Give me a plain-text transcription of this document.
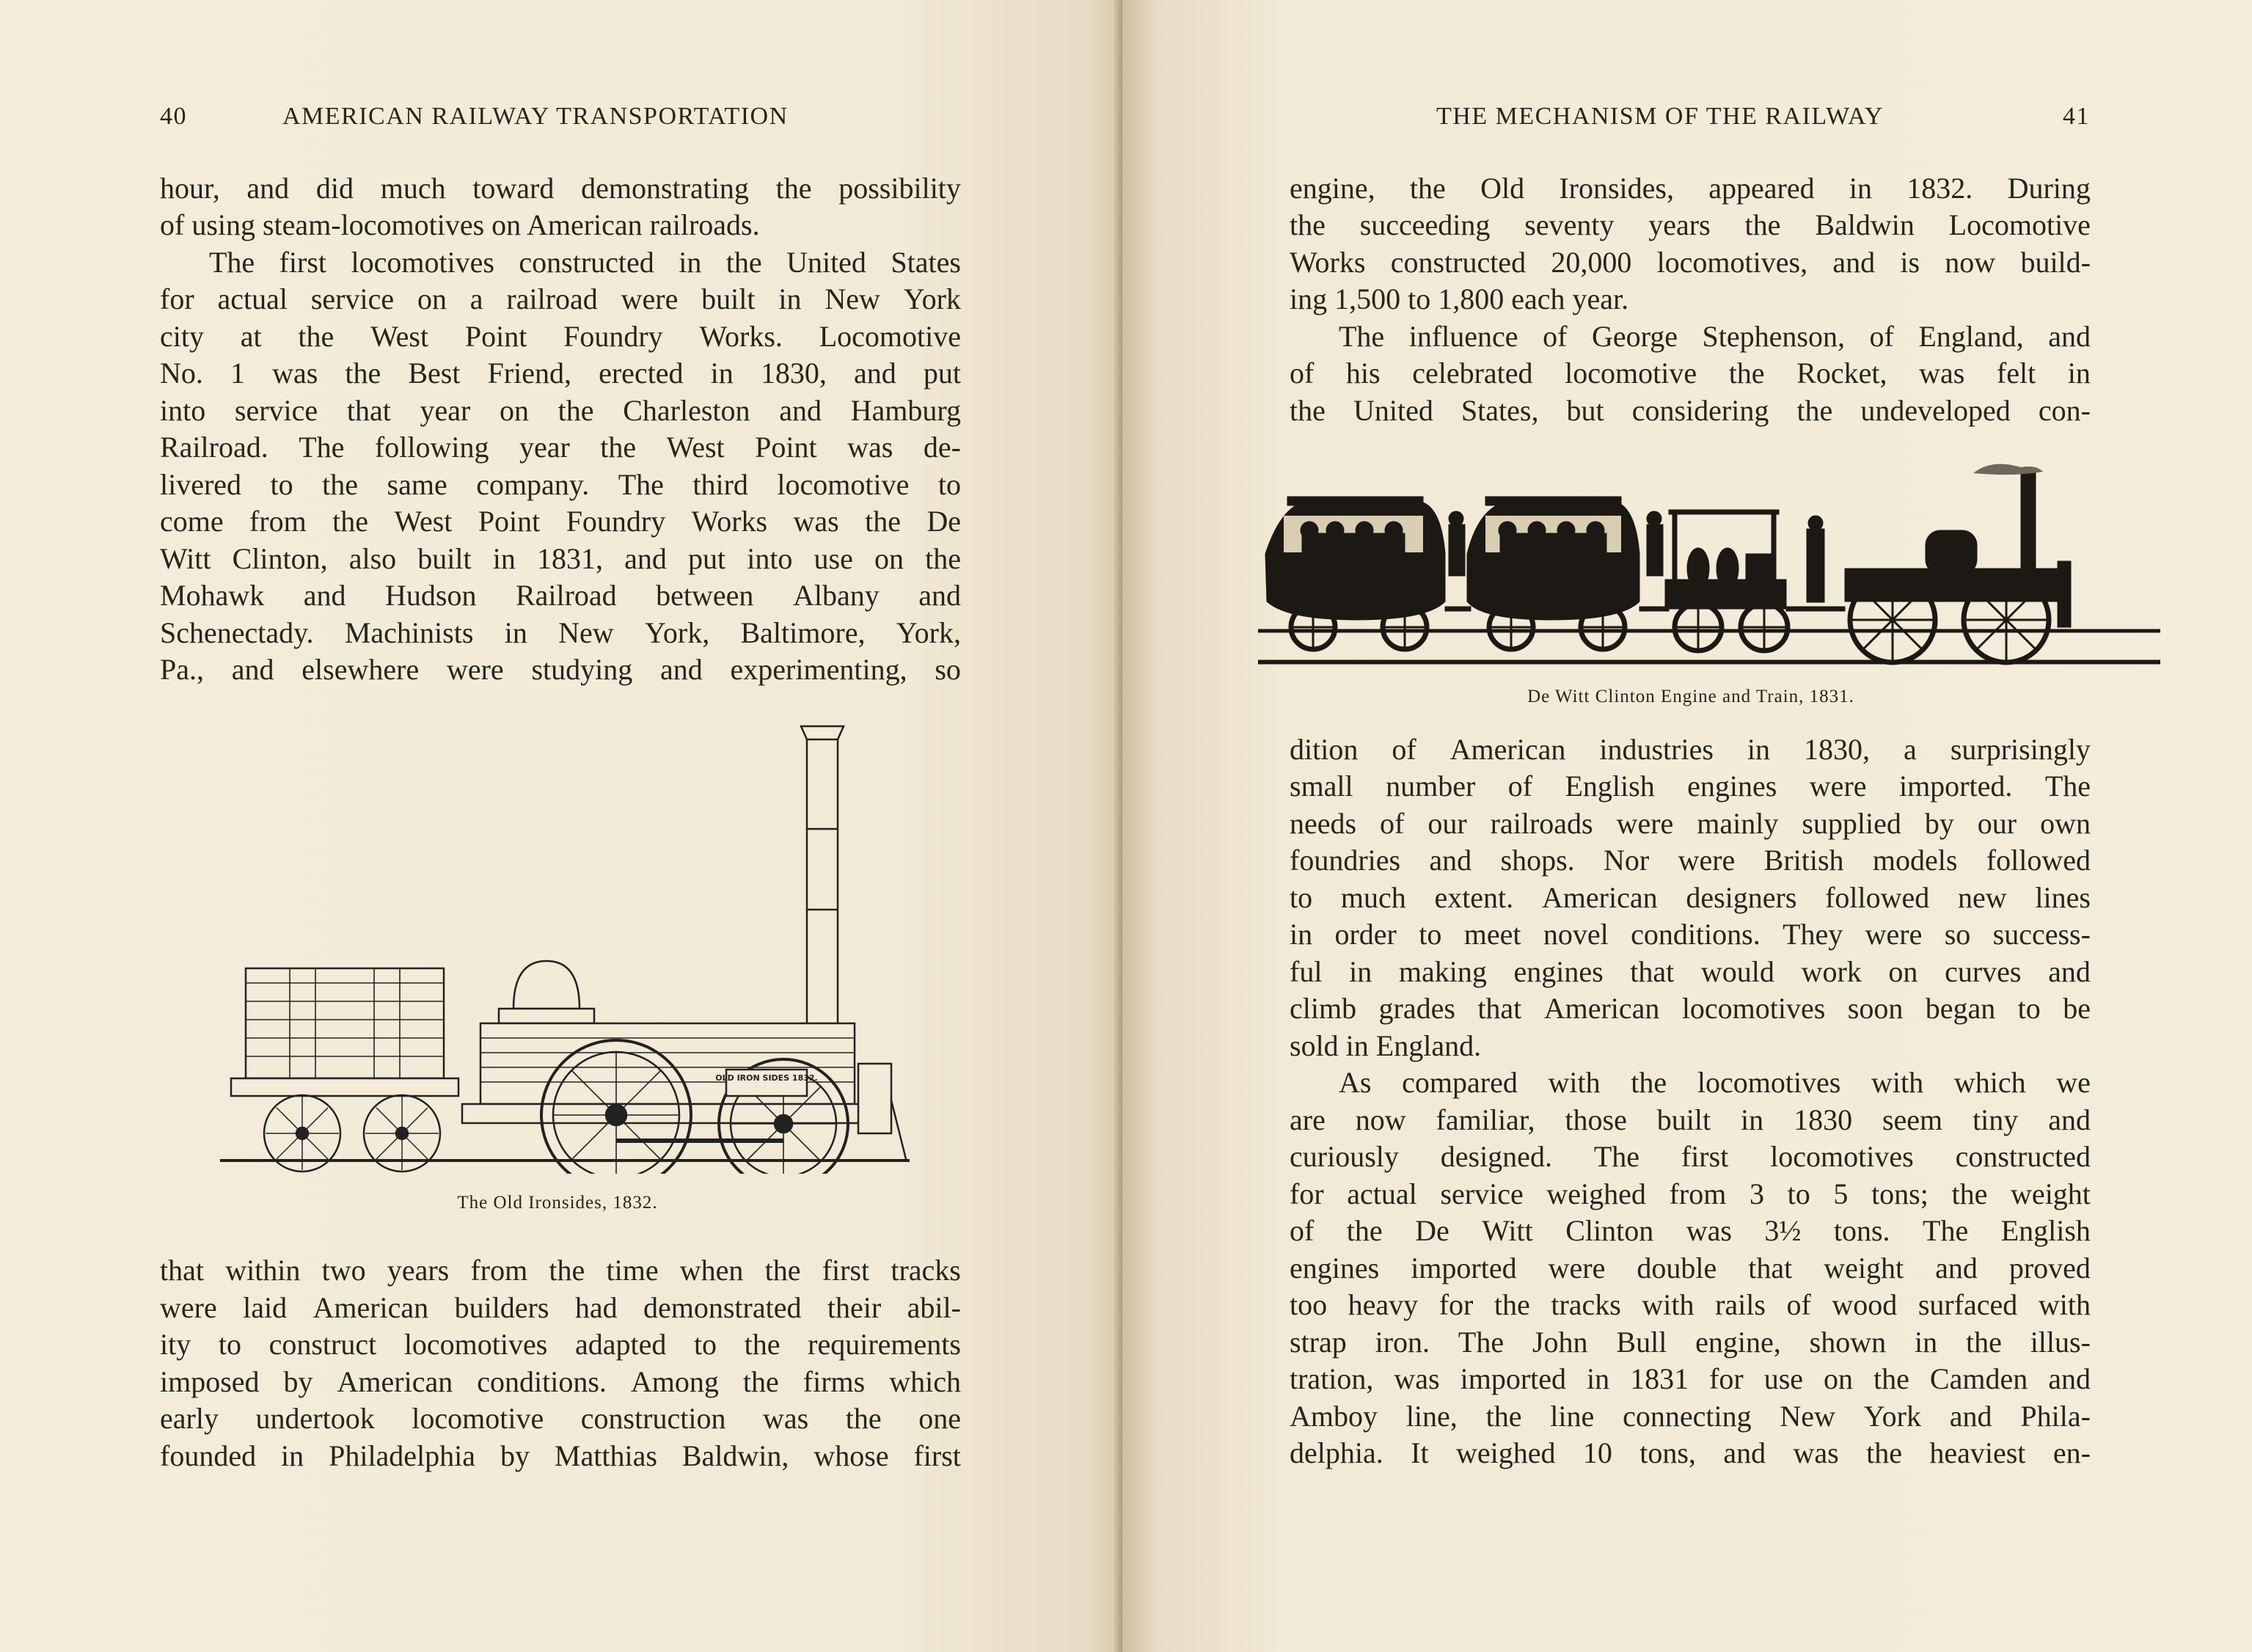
40	AMERICAN RAILWAY TRANSPORTATION
hour, and did much toward demonstrating the possibility
of using steam-locomotives on American railroads.
The first locomotives constructed in the United States
for actual service on a railroad were built in New York
city at the West Point Foundry Works. Locomotive
No. 1 was the Best Friend, erected in 1830, and put
into service that year on the Charleston and Hamburg
Railroad. The following year the West Point was de-
livered to the same company. The third locomotive to
come from the West Point Foundry Works was the De
Witt Clinton, also built in 1831, and put into use on the
Mohawk and Hudson Railroad between Albany and
Schenectady. Machinists in New York, Baltimore, York,
Pa., and elsewhere were studying and experimenting, so
OLD IRON SIDES 1832.
The Old Ironsides, 1832.
that within two years from the time when the first tracks
were laid American builders had demonstrated their abil-
ity to construct locomotives adapted to the requirements
imposed by American conditions. Among the firms which
early undertook locomotive construction was the one
founded in Philadelphia by Matthias Baldwin, whose first
THE MECHANISM OF THE RAILWAY	41
engine, the Old Ironsides, appeared in 1832. During
the succeeding seventy years the Baldwin Locomotive
Works constructed 20,000 locomotives, and is now build-
ing 1,500 to 1,800 each year.
The influence of George Stephenson, of England, and
of his celebrated locomotive the Rocket, was felt in
the United States, but considering the undeveloped con-
De Witt Clinton Engine and Train, 1831.
dition of American industries in 1830, a surprisingly
small number of English engines were imported. The
needs of our railroads were mainly supplied by our own
foundries and shops. Nor were British models followed
to much extent. American designers followed new lines
in order to meet novel conditions. They were so success-
ful in making engines that would work on curves and
climb grades that American locomotives soon began to be
sold in England.
As compared with the locomotives with which we
are now familiar, those built in 1830 seem tiny and
curiously designed. The first locomotives constructed
for actual service weighed from 3 to 5 tons; the weight
of the De Witt Clinton was 3½ tons. The English
engines imported were double that weight and proved
too heavy for the tracks with rails of wood surfaced with
strap iron. The John Bull engine, shown in the illus-
tration, was imported in 1831 for use on the Camden and
Amboy line, the line connecting New York and Phila-
delphia. It weighed 10 tons, and was the heaviest en-
